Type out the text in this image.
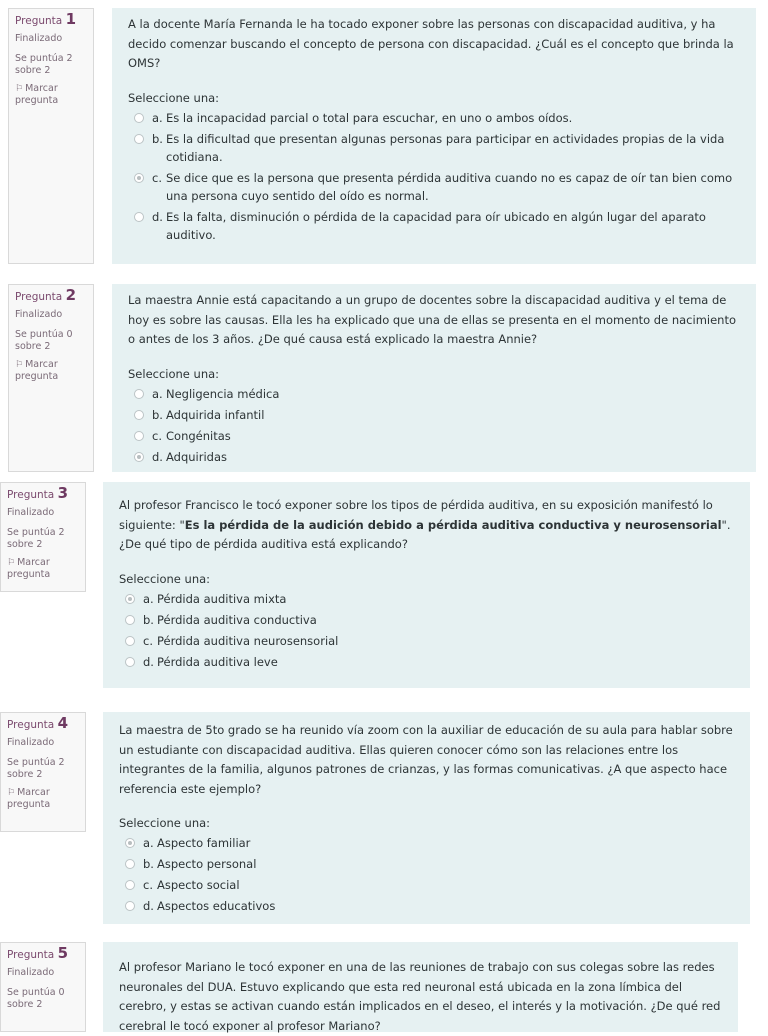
Pregunta 1
Finalizado
Se puntúa 2 sobre 2
⚐ Marcar pregunta
A la docente María Fernanda le ha tocado exponer sobre las personas con discapacidad auditiva, y ha decido comenzar buscando el concepto de persona con discapacidad. ¿Cuál es el concepto que brinda la OMS?
Seleccione una:
a. Es la incapacidad parcial o total para escuchar, en uno o ambos oídos.
b. Es la dificultad que presentan algunas personas para participar en actividades propias de la vida cotidiana.
c. Se dice que es la persona que presenta pérdida auditiva cuando no es capaz de oír tan bien como una persona cuyo sentido del oído es normal.
d. Es la falta, disminución o pérdida de la capacidad para oír ubicado en algún lugar del aparato auditivo.
Pregunta 2
Finalizado
Se puntúa 0 sobre 2
⚐ Marcar pregunta
La maestra Annie está capacitando a un grupo de docentes sobre la discapacidad auditiva y el tema de hoy es sobre las causas. Ella les ha explicado que una de ellas se presenta en el momento de nacimiento o antes de los 3 años. ¿De qué causa está explicado la maestra Annie?
Seleccione una:
a. Negligencia médica
b. Adquirida infantil
c. Congénitas
d. Adquiridas
Pregunta 3
Finalizado
Se puntúa 2 sobre 2
⚐ Marcar pregunta
Al profesor Francisco le tocó exponer sobre los tipos de pérdida auditiva, en su exposición manifestó lo siguiente: "Es la pérdida de la audición debido a pérdida auditiva conductiva y neurosensorial". ¿De qué tipo de pérdida auditiva está explicando?
Seleccione una:
a. Pérdida auditiva mixta
b. Pérdida auditiva conductiva
c. Pérdida auditiva neurosensorial
d. Pérdida auditiva leve
Pregunta 4
Finalizado
Se puntúa 2 sobre 2
⚐ Marcar pregunta
La maestra de 5to grado se ha reunido vía zoom con la auxiliar de educación de su aula para hablar sobre un estudiante con discapacidad auditiva. Ellas quieren conocer cómo son las relaciones entre los integrantes de la familia, algunos patrones de crianzas, y las formas comunicativas. ¿A que aspecto hace referencia este ejemplo?
Seleccione una:
a. Aspecto familiar
b. Aspecto personal
c. Aspecto social
d. Aspectos educativos
Pregunta 5
Finalizado
Se puntúa 0 sobre 2
Al profesor Mariano le tocó exponer en una de las reuniones de trabajo con sus colegas sobre las redes neuronales del DUA. Estuvo explicando que esta red neuronal está ubicada en la zona límbica del cerebro, y estas se activan cuando están implicados en el deseo, el interés y la motivación. ¿De qué red cerebral le tocó exponer al profesor Mariano?
